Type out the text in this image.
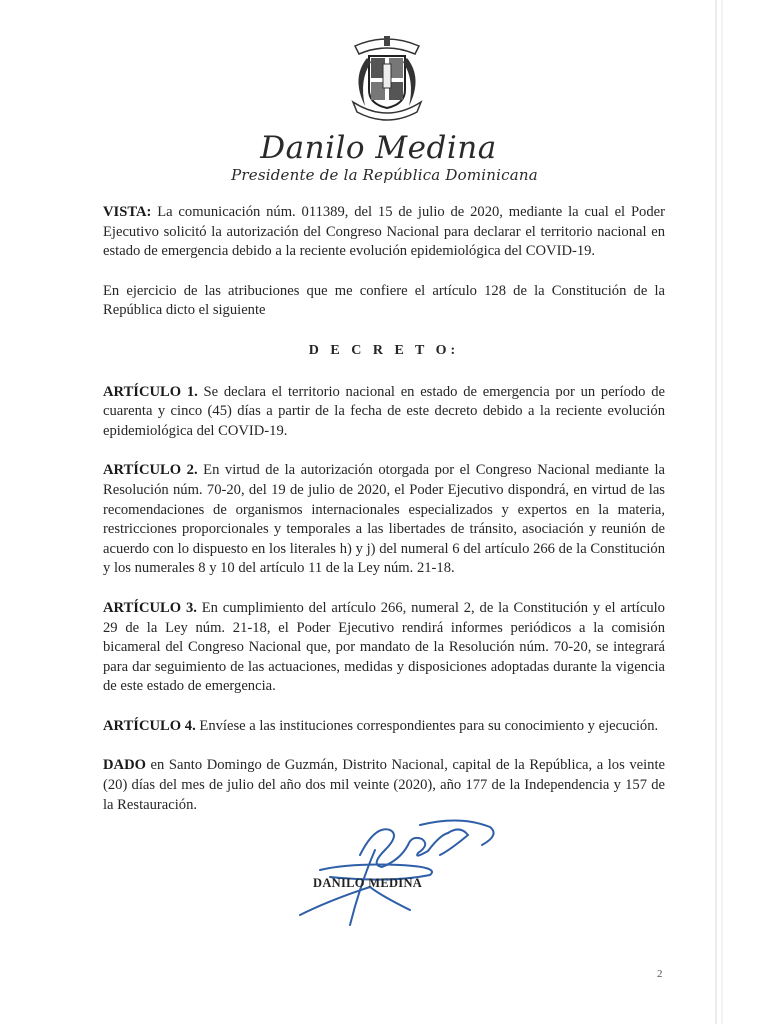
Danilo Medina
Presidente de la República Dominicana

VISTA: La comunicación núm. 011389, del 15 de julio de 2020, mediante la cual el Poder Ejecutivo solicitó la autorización del Congreso Nacional para declarar el territorio nacional en estado de emergencia debido a la reciente evolución epidemiológica del COVID-19.

En ejercicio de las atribuciones que me confiere el artículo 128 de la Constitución de la República dicto el siguiente

D E C R E T O:

ARTÍCULO 1. Se declara el territorio nacional en estado de emergencia por un período de cuarenta y cinco (45) días a partir de la fecha de este decreto debido a la reciente evolución epidemiológica del COVID-19.

ARTÍCULO 2. En virtud de la autorización otorgada por el Congreso Nacional mediante la Resolución núm. 70-20, del 19 de julio de 2020, el Poder Ejecutivo dispondrá, en virtud de las recomendaciones de organismos internacionales especializados y expertos en la materia, restricciones proporcionales y temporales a las libertades de tránsito, asociación y reunión de acuerdo con lo dispuesto en los literales h) y j) del numeral 6 del artículo 266 de la Constitución y los numerales 8 y 10 del artículo 11 de la Ley núm. 21-18.

ARTÍCULO 3. En cumplimiento del artículo 266, numeral 2, de la Constitución y el artículo 29 de la Ley núm. 21-18, el Poder Ejecutivo rendirá informes periódicos a la comisión bicameral del Congreso Nacional que, por mandato de la Resolución núm. 70-20, se integrará para dar seguimiento de las actuaciones, medidas y disposiciones adoptadas durante la vigencia de este estado de emergencia.

ARTÍCULO 4. Envíese a las instituciones correspondientes para su conocimiento y ejecución.

DADO en Santo Domingo de Guzmán, Distrito Nacional, capital de la República, a los veinte (20) días del mes de julio del año dos mil veinte (2020), año 177 de la Independencia y 157 de la Restauración.

DANILO MEDINA
2
